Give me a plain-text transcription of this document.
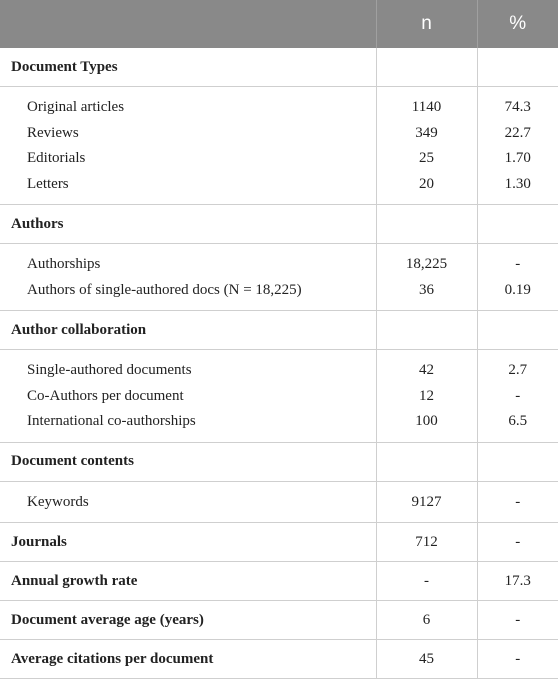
	n	%
Document Types		
Original articles	1140	74.3
Reviews	349	22.7
Editorials	25	1.70
Letters	20	1.30
Authors		
Authorships	18,225	-
Authors of single-authored docs (N = 18,225)	36	0.19
Author collaboration		
Single-authored documents	42	2.7
Co-Authors per document	12	-
International co-authorships	100	6.5
Document contents		
Keywords	9127	-
Journals	712	-
Annual growth rate	-	17.3
Document average age (years)	6	-
Average citations per document	45	-
